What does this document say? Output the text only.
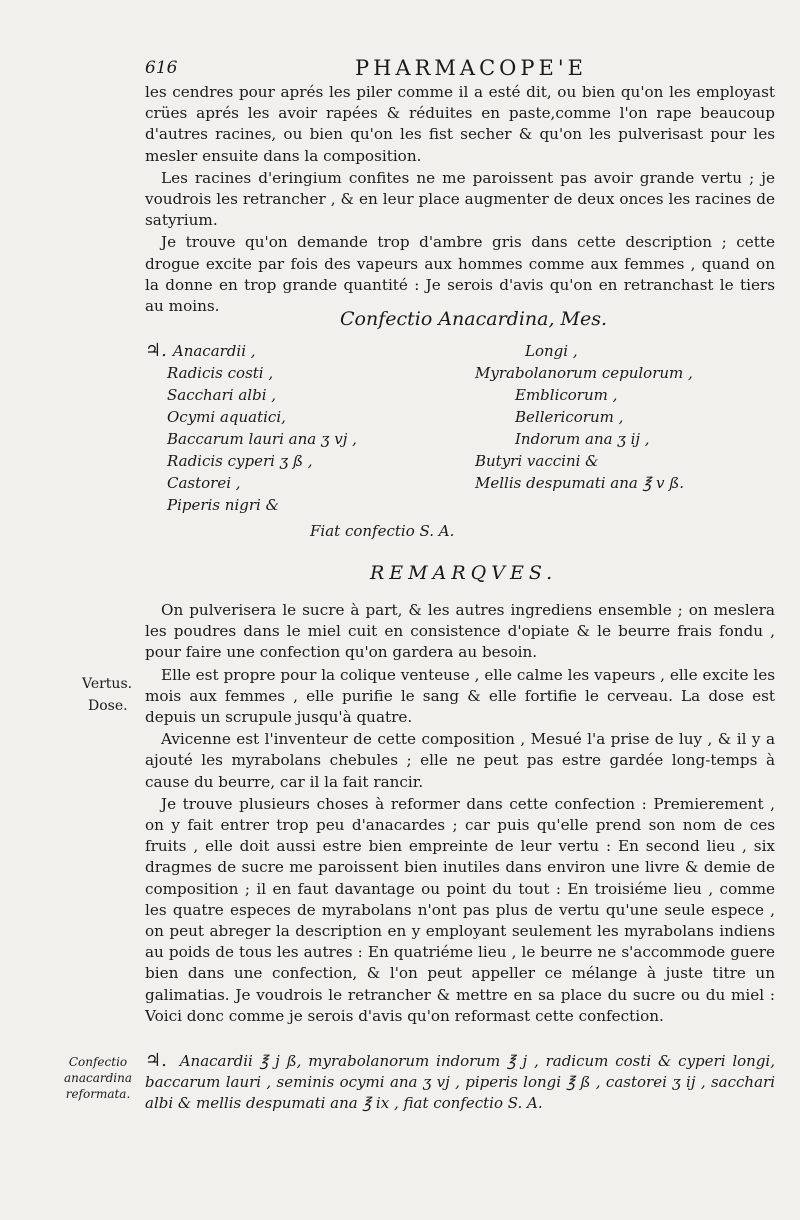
616	PHARMACOPE'E

les cendres pour aprés les piler comme il a esté dit, ou bien qu'on les employast crües aprés les avoir rapées & réduites en paste,comme l'on rape beaucoup d'autres racines, ou bien qu'on les fist secher & qu'on les pulverisast pour les mesler ensuite dans la composition.

Les racines d'eringium confites ne me paroissent pas avoir grande vertu ; je voudrois les retrancher , & en leur place augmenter de deux onces les racines de satyrium.

Je trouve qu'on demande trop d'ambre gris dans cette description ; cette drogue excite par fois des vapeurs aux hommes comme aux femmes , quand on la donne en trop grande quantité : Je serois d'avis qu'on en retranchast le tiers au moins.

Confectio Anacardina, Mes.
♃. Anacardii ,
Radicis costi ,
Sacchari albi ,
Ocymi aquatici,
Baccarum lauri ana ʒ vj ,
Radicis cyperi ʒ ß ,
Castorei ,
Piperis nigri &
Longi ,
Myrabolanorum cepulorum ,
Emblicorum ,
Bellericorum ,
Indorum ana ʒ ij ,
Butyri vaccini &
Mellis despumati ana ℥ v ß.
Fiat confectio S. A.
REMARQVES.
Vertus.
Dose.

On pulverisera le sucre à part, & les autres ingrediens ensemble ; on meslera les poudres dans le miel cuit en consistence d'opiate & le beurre frais fondu , pour faire une confection qu'on gardera au besoin.

Elle est propre pour la colique venteuse , elle calme les vapeurs , elle excite les mois aux femmes , elle purifie le sang & elle fortifie le cerveau. La dose est depuis un scrupule jusqu'à quatre.

Avicenne est l'inventeur de cette composition , Mesué l'a prise de luy , & il y a ajouté les myrabolans chebules ; elle ne peut pas estre gardée long-temps à cause du beurre, car il la fait rancir.

Je trouve plusieurs choses à reformer dans cette confection : Premierement , on y fait entrer trop peu d'anacardes ; car puis qu'elle prend son nom de ces fruits , elle doit aussi estre bien empreinte de leur vertu : En second lieu , six dragmes de sucre me paroissent bien inutiles dans environ une livre & demie de composition ; il en faut davantage ou point du tout : En troisiéme lieu , comme les quatre especes de myrabolans n'ont pas plus de vertu qu'une seule espece , on peut abreger la description en y employant seulement les myrabolans indiens au poids de tous les autres : En quatriéme lieu , le beurre ne s'accommode guere bien dans une confection, & l'on peut appeller ce mélange à juste titre un galimatias. Je voudrois le retrancher & mettre en sa place du sucre ou du miel : Voici donc comme je serois d'avis qu'on reformast cette confection.

Confectio anacardina reformata.
♃. Anacardii ℥ j ß, myrabolanorum indorum ℥ j , radicum costi & cyperi longi, baccarum lauri , seminis ocymi ana ʒ vj , piperis longi ℥ ß , castorei ʒ ij , sacchari albi & mellis despumati ana ℥ ix , fiat confectio S. A.
